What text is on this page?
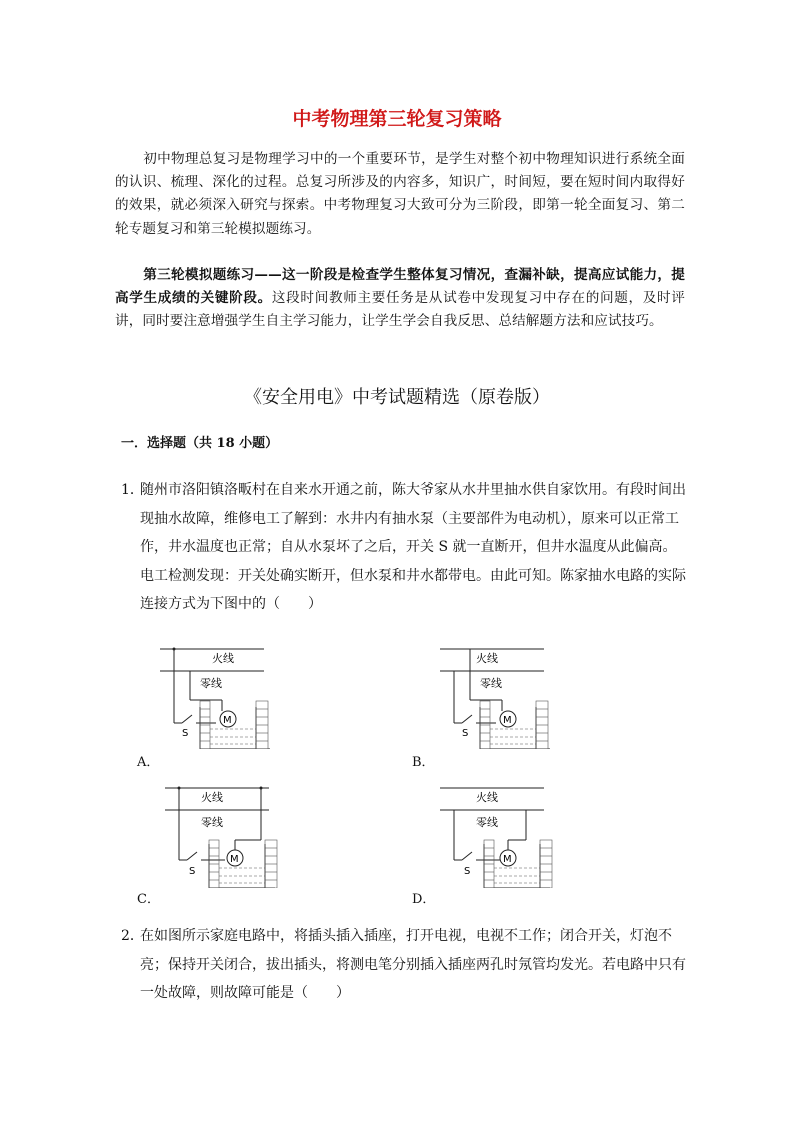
中考物理第三轮复习策略
初中物理总复习是物理学习中的一个重要环节，是学生对整个初中物理知识进行系统全面的认识、梳理、深化的过程。总复习所涉及的内容多，知识广，时间短，要在短时间内取得好的效果，就必须深入研究与探索。中考物理复习大致可分为三阶段，即第一轮全面复习、第二轮专题复习和第三轮模拟题练习。
第三轮模拟题练习——这一阶段是检查学生整体复习情况，查漏补缺，提高应试能力，提高学生成绩的关键阶段。这段时间教师主要任务是从试卷中发现复习中存在的问题，及时评讲，同时要注意增强学生自主学习能力，让学生学会自我反思、总结解题方法和应试技巧。
《安全用电》中考试题精选（原卷版）
一．选择题（共 18 小题）
1．
随州市洛阳镇洛畈村在自来水开通之前，陈大爷家从水井里抽水供自家饮用。有段时间出现抽水故障，维修电工了解到：水井内有抽水泵（主要部件为电动机），原来可以正常工作，井水温度也正常；自从水泵坏了之后，开关 S 就一直断开，但井水温度从此偏高。电工检测发现：开关处确实断开，但水泵和井水都带电。由此可知。陈家抽水电路的实际连接方式为下图中的（　　）
火线
零线
S
M
A．
火线
零线
S
M
B．
火线
零线
S
M
C．
火线
零线
S
M
D．
2．
在如图所示家庭电路中，将插头插入插座，打开电视，电视不工作；闭合开关，灯泡不亮；保持开关闭合，拔出插头，将测电笔分别插入插座两孔时氖管均发光。若电路中只有一处故障，则故障可能是（　　）
